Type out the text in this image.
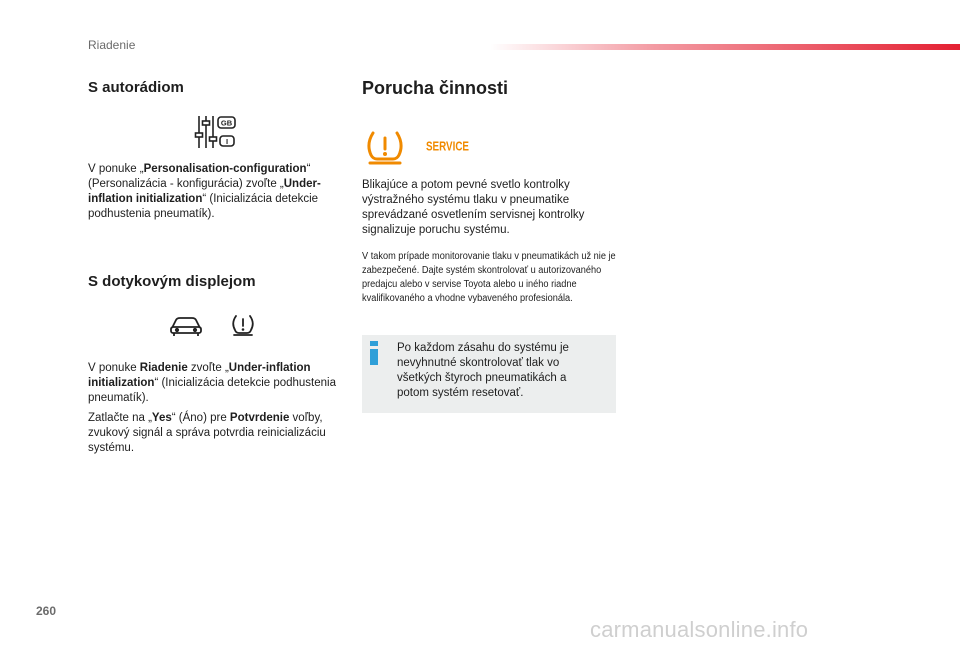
Riadenie
S autorádiom
GB
I
V ponuke „Personalisation-configuration“ (Personalizácia - konfigurácia) zvoľte „Under-inflation initialization“ (Inicializácia detekcie podhustenia pneumatík).
S dotykovým displejom
V ponuke Riadenie zvoľte „Under-inflation initialization“ (Inicializácia detekcie podhustenia pneumatík).
Zatlačte na „Yes“ (Áno) pre Potvrdenie voľby, zvukový signál a správa potvrdia reinicializáciu systému.
Porucha činnosti
SERVICE
Blikajúce a potom pevné svetlo kontrolky výstražného systému tlaku v pneumatike sprevádzané osvetlením servisnej kontrolky signalizuje poruchu systému.
V takom prípade monitorovanie tlaku v pneumatikách už nie je zabezpečené. Dajte systém skontrolovať u autorizovaného predajcu alebo v servise Toyota alebo u iného riadne kvalifikovaného a vhodne vybaveného profesionála.
Po každom zásahu do systému je nevyhnutné skontrolovať tlak vo všetkých štyroch pneumatikách a potom systém resetovať.
260
carmanualsonline.info
